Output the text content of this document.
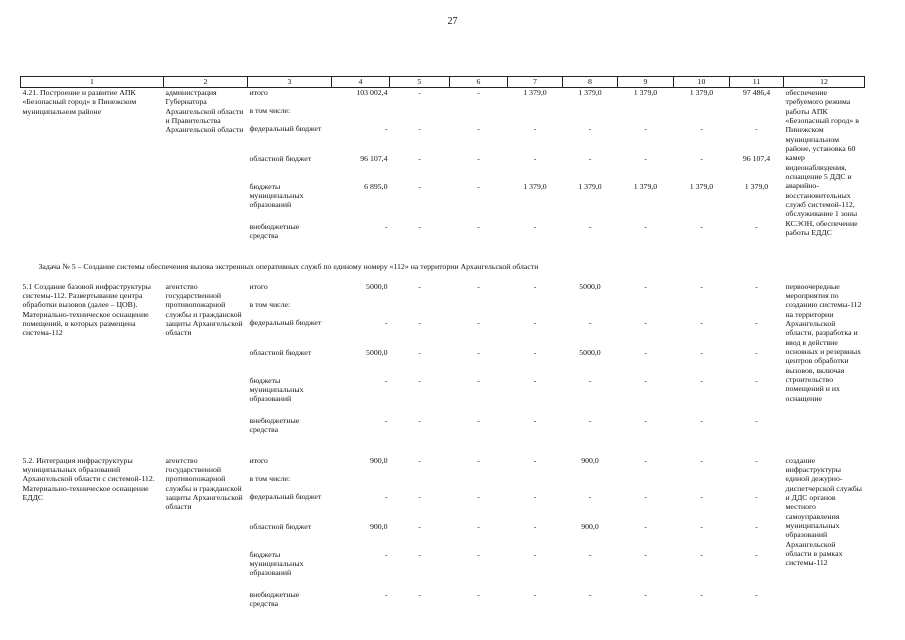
27
1	2	3	4	5	6	7	8	9	10	11	12
4.21. Построение и развитие АПК «Безопасный город» в Пинежском муниципальном районе	администрация Губернатора Архангельской области и Правительства Архангельской области	итого	103 002,4	-	-	1 379,0	1 379,0	1 379,0	1 379,0	97 486,4	обеспечение требуемого режима работы АПК «Безопасный город» в Пинежском муниципальном районе, установка 60 камер видеонаблюдения, оснащение 5 ДДС и аварийно-восстановительных служб системой-112, обслуживание 1 зоны КСЭОН, обеспечение работы ЕДДС
		в том числе:									
		федеральный бюджет	-	-	-	-	-	-	-	-	
		областной бюджет	96 107,4	-	-	-	-	-	-	96 107,4	
		бюджеты муниципальных образований	6 895,0	-	-	1 379,0	1 379,0	1 379,0	1 379,0	1 379,0	
		внебюджетные средства	-	-	-	-	-	-	-	-	
Задача № 5 – Создание системы обеспечения вызова экстренных оперативных служб по единому номеру «112» на территории Архангельской области											
5.1 Создание базовой инфраструктуры системы-112. Развертывание центра обработки вызовов (далее – ЦОВ). Материально-техническое оснащение помещений, в которых размещена система-112	агентство государственной противопожарной службы и гражданской защиты Архангельской области	итого	5000,0	-	-	-	5000,0	-	-	-	первоочередные мероприятия по созданию системы-112 на территории Архангельской области, разработка и ввод в действие основных и резервных центров обработки вызовов, включая строительство помещений и их оснащение
		в том числе:									
		федеральный бюджет	-	-	-	-	-	-	-	-	
		областной бюджет	5000,0	-	-	-	5000,0	-	-	-	
		бюджеты муниципальных образований	-	-	-	-	-	-	-	-	
		внебюджетные средства	-	-	-	-	-	-	-	-	

5.2. Интеграция инфраструктуры муниципальных образований Архангельской области с системой-112. Материально-техническое оснащение ЕДДС	агентство государственной противопожарной службы и гражданской защиты Архангельской области	итого	900,0	-	-	-	900,0	-	-	-	создание инфраструктуры единой дежурно-диспетчерской службы и ДДС органов местного самоуправления муниципальных образований Архангельской области в рамках системы-112
		в том числе:									
		федеральный бюджет	-	-	-	-	-	-	-	-	
		областной бюджет	900,0	-	-	-	900,0	-	-	-	
		бюджеты муниципальных образований	-	-	-	-	-	-	-	-	
		внебюджетные средства	-	-	-	-	-	-	-	-	
